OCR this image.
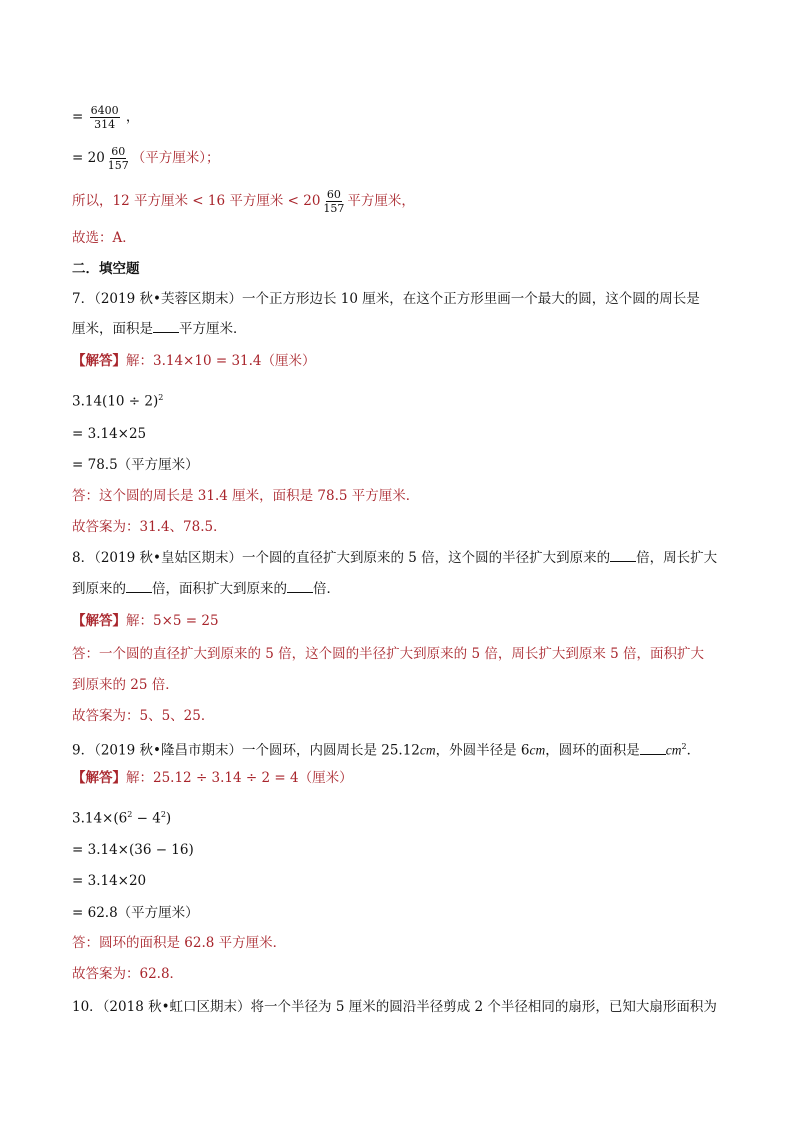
= $\frac{6400}{314}$ ，
= $20 \frac{60}{157}$ （平方厘米）；
所以，12 平方厘米 < 16 平方厘米 < $20 \frac{60}{157}$ 平方厘米，
故选：A．
二．填空题
7．（2019 秋•芙蓉区期末）一个正方形边长 10 厘米，在这个正方形里画一个最大的圆，这个圆的周长是
厘米，面积是 平方厘米．
【解答】解：3.14×10 = 31.4（厘米）
$3.14(10 \div 2)^2$
= 3.14×25
= 78.5（平方厘米）
答：这个圆的周长是 31.4 厘米，面积是 78.5 平方厘米．
故答案为：31.4、78.5．
8．（2019 秋•皇姑区期末）一个圆的直径扩大到原来的 5 倍，这个圆的半径扩大到原来的 倍，周长扩大
到原来的 倍，面积扩大到原来的 倍．
【解答】解：5×5 = 25
答：一个圆的直径扩大到原来的 5 倍，这个圆的半径扩大到原来的 5 倍，周长扩大到原来 5 倍，面积扩大
到原来的 25 倍．
故答案为：5、5、25．
9．（2019 秋•隆昌市期末）一个圆环，内圆周长是 25.12cm，外圆半径是 6cm，圆环的面积是 $cm^2$．
【解答】解：25.12 ÷ 3.14 ÷ 2 = 4（厘米）
$3.14\times(6^2 - 4^2)$
= 3.14×(36 − 16)
= 3.14×20
= 62.8（平方厘米）
答：圆环的面积是 62.8 平方厘米．
故答案为：62.8．
10．（2018 秋•虹口区期末）将一个半径为 5 厘米的圆沿半径剪成 2 个半径相同的扇形，已知大扇形面积为
